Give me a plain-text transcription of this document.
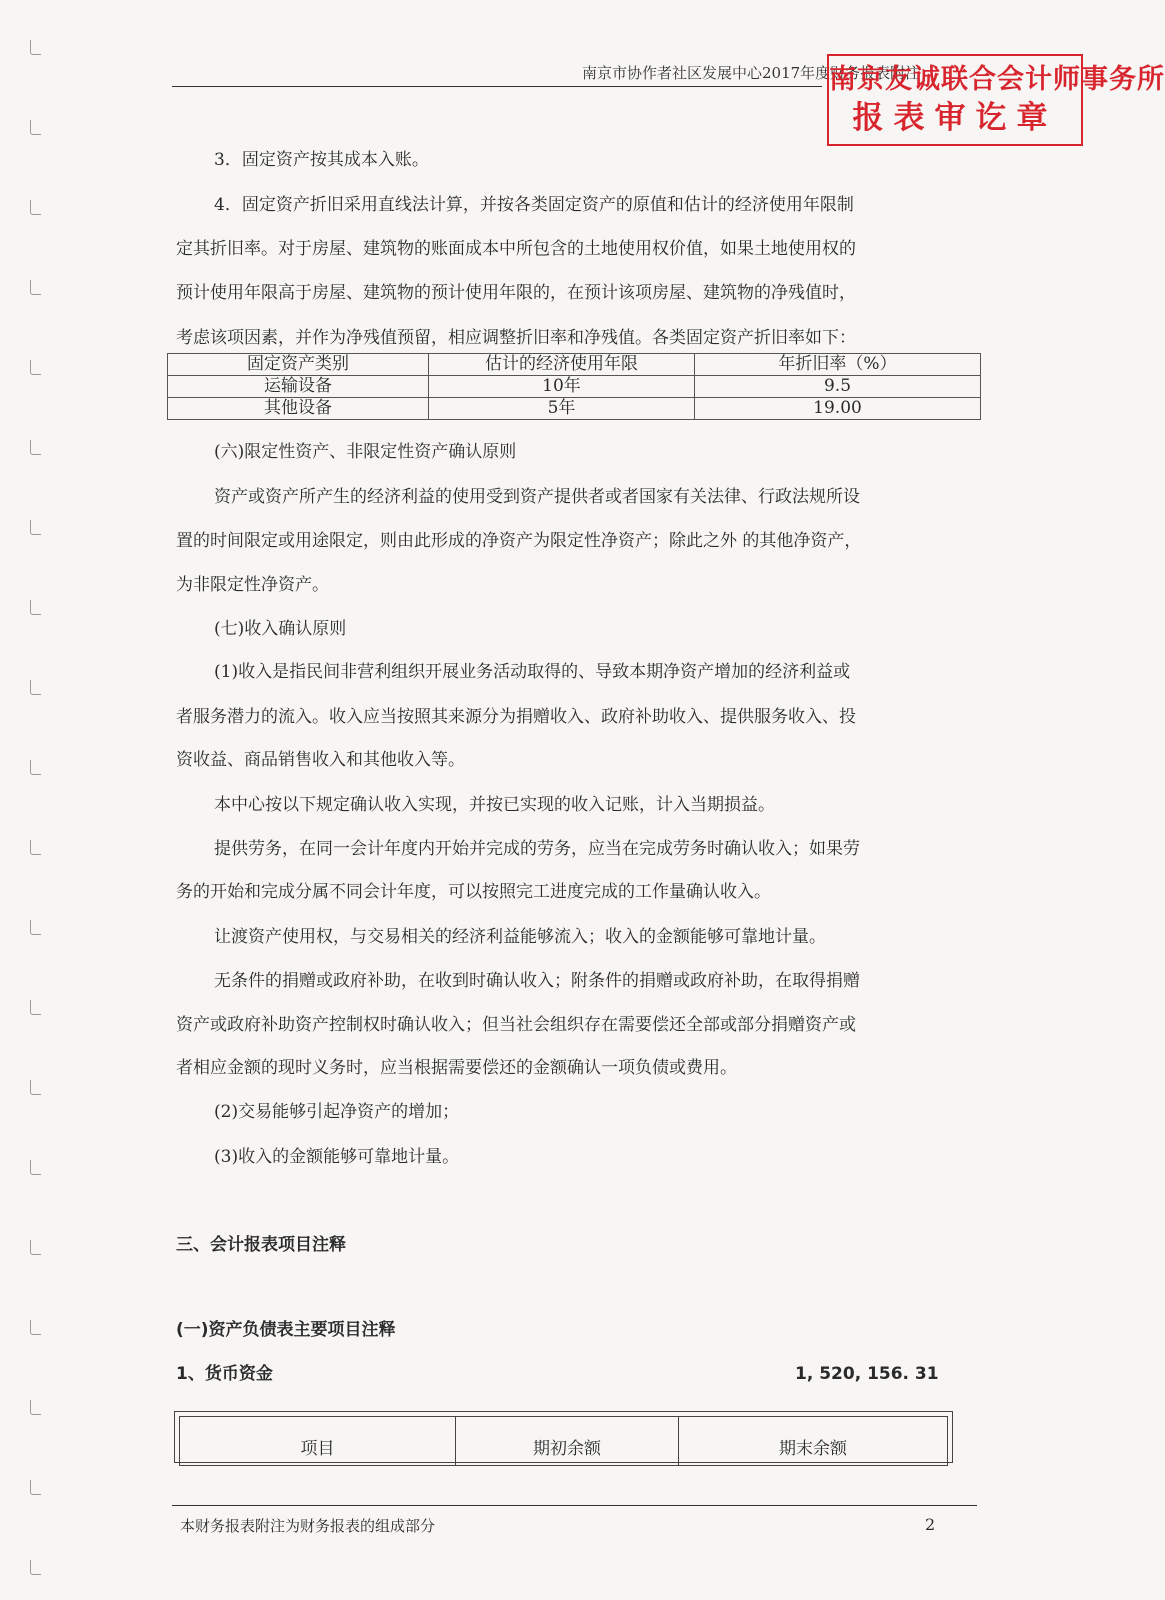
南京市协作者社区发展中心2017年度财务报表附注
南京友诚联合会计师事务所
报表审讫章
3．固定资产按其成本入账。
4．固定资产折旧采用直线法计算，并按各类固定资产的原值和估计的经济使用年限制
定其折旧率。对于房屋、建筑物的账面成本中所包含的土地使用权价值，如果土地使用权的
预计使用年限高于房屋、建筑物的预计使用年限的，在预计该项房屋、建筑物的净残值时，
考虑该项因素，并作为净残值预留，相应调整折旧率和净残值。各类固定资产折旧率如下：
固定资产类别	估计的经济使用年限	年折旧率（%）
运输设备	10年	9.5
其他设备	5年	19.00
(六)限定性资产、非限定性资产确认原则
资产或资产所产生的经济利益的使用受到资产提供者或者国家有关法律、行政法规所设
置的时间限定或用途限定，则由此形成的净资产为限定性净资产；除此之外 的其他净资产，
为非限定性净资产。
(七)收入确认原则
(1)收入是指民间非营利组织开展业务活动取得的、导致本期净资产增加的经济利益或
者服务潜力的流入。收入应当按照其来源分为捐赠收入、政府补助收入、提供服务收入、投
资收益、商品销售收入和其他收入等。
本中心按以下规定确认收入实现，并按已实现的收入记账，计入当期损益。
提供劳务，在同一会计年度内开始并完成的劳务，应当在完成劳务时确认收入；如果劳
务的开始和完成分属不同会计年度，可以按照完工进度完成的工作量确认收入。
让渡资产使用权，与交易相关的经济利益能够流入；收入的金额能够可靠地计量。
无条件的捐赠或政府补助，在收到时确认收入；附条件的捐赠或政府补助，在取得捐赠
资产或政府补助资产控制权时确认收入；但当社会组织存在需要偿还全部或部分捐赠资产或
者相应金额的现时义务时，应当根据需要偿还的金额确认一项负债或费用。
(2)交易能够引起净资产的增加；
(3)收入的金额能够可靠地计量。
三、会计报表项目注释
(一)资产负债表主要项目注释
1、货币资金	1, 520, 156. 31
项目	期初余额	期末余额
本财务报表附注为财务报表的组成部分	2
